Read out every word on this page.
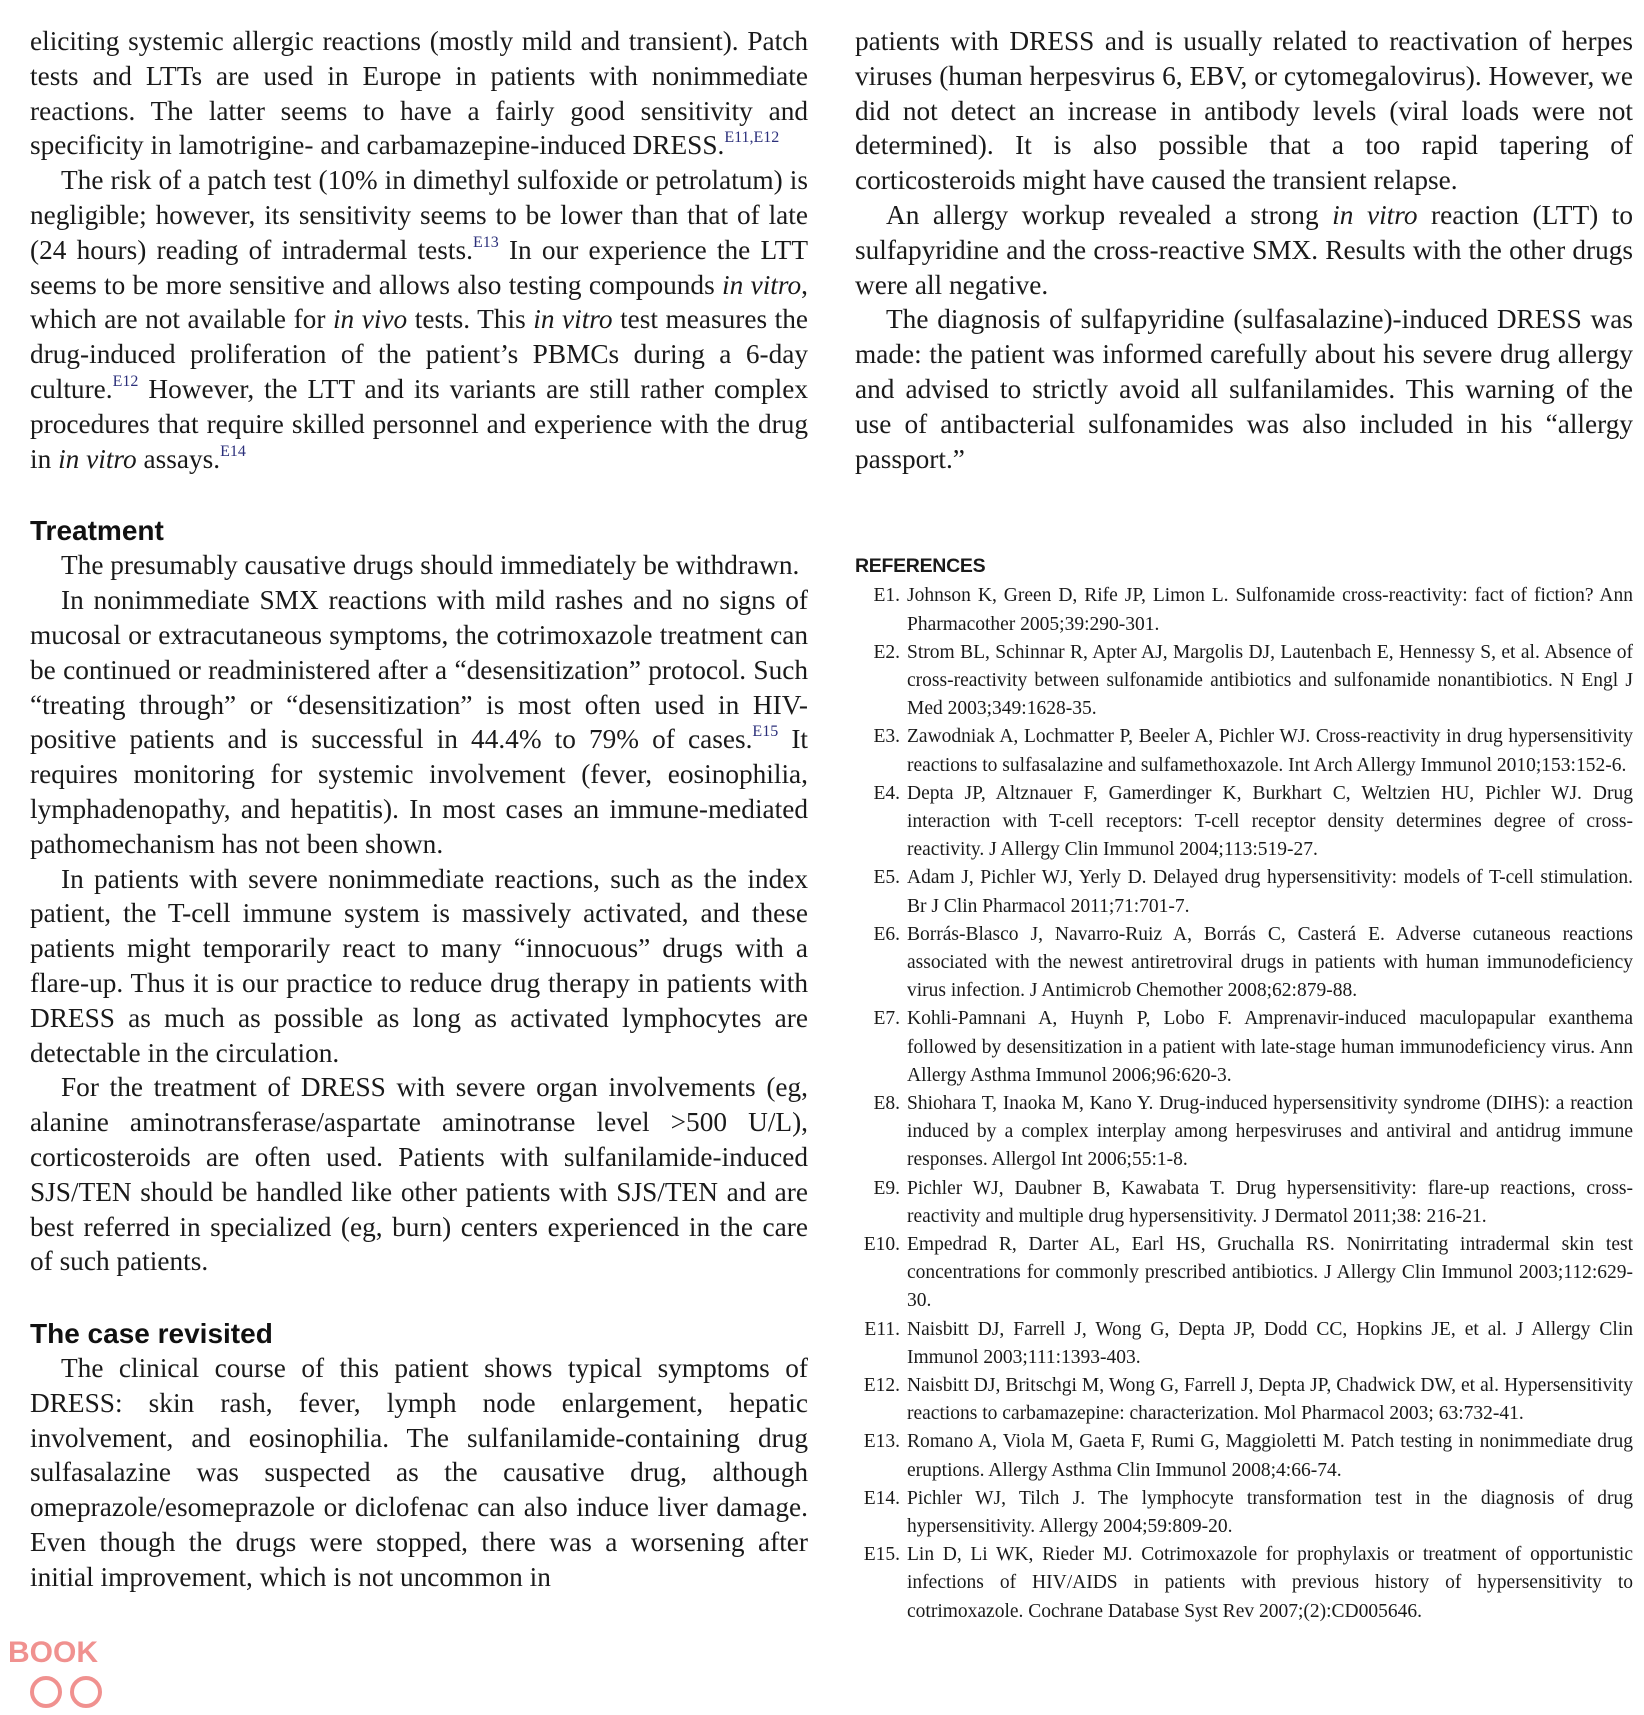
eliciting systemic allergic reactions (mostly mild and transient). Patch tests and LTTs are used in Europe in patients with nonimmediate reactions. The latter seems to have a fairly good sensitivity and specificity in lamotrigine- and carbamazepine-induced DRESS.$^{E11,E12}$

The risk of a patch test (10% in dimethyl sulfoxide or petrolatum) is negligible; however, its sensitivity seems to be lower than that of late (24 hours) reading of intradermal tests.$^{E13}$ In our experience the LTT seems to be more sensitive and allows also testing compounds in vitro, which are not available for in vivo tests. This in vitro test measures the drug-induced proliferation of the patient’s PBMCs during a 6-day culture.$^{E12}$ However, the LTT and its variants are still rather complex procedures that require skilled personnel and experience with the drug in in vitro assays.$^{E14}$

Treatment

The presumably causative drugs should immediately be withdrawn.

In nonimmediate SMX reactions with mild rashes and no signs of mucosal or extracutaneous symptoms, the cotrimoxazole treatment can be continued or readministered after a “desensitization” protocol. Such “treating through” or “desensitization” is most often used in HIV-positive patients and is successful in 44.4% to 79% of cases.$^{E15}$ It requires monitoring for systemic involvement (fever, eosinophilia, lymphadenopathy, and hepatitis). In most cases an immune-mediated pathomechanism has not been shown.

In patients with severe nonimmediate reactions, such as the index patient, the T-cell immune system is massively activated, and these patients might temporarily react to many “innocuous” drugs with a flare-up. Thus it is our practice to reduce drug therapy in patients with DRESS as much as possible as long as activated lymphocytes are detectable in the circulation.

For the treatment of DRESS with severe organ involvements (eg, alanine aminotransferase/aspartate aminotranse level >500 U/L), corticosteroids are often used. Patients with sulfanilamide-induced SJS/TEN should be handled like other patients with SJS/TEN and are best referred in specialized (eg, burn) centers experienced in the care of such patients.

The case revisited

The clinical course of this patient shows typical symptoms of DRESS: skin rash, fever, lymph node enlargement, hepatic involvement, and eosinophilia. The sulfanilamide-containing drug sulfasalazine was suspected as the causative drug, although omeprazole/esomeprazole or diclofenac can also induce liver damage. Even though the drugs were stopped, there was a worsening after initial improvement, which is not uncommon in

patients with DRESS and is usually related to reactivation of herpes viruses (human herpesvirus 6, EBV, or cytomegalovirus). However, we did not detect an increase in antibody levels (viral loads were not determined). It is also possible that a too rapid tapering of corticosteroids might have caused the transient relapse.

An allergy workup revealed a strong in vitro reaction (LTT) to sulfapyridine and the cross-reactive SMX. Results with the other drugs were all negative.

The diagnosis of sulfapyridine (sulfasalazine)-induced DRESS was made: the patient was informed carefully about his severe drug allergy and advised to strictly avoid all sulfanilamides. This warning of the use of antibacterial sulfonamides was also included in his “allergy passport.”

REFERENCES
E1. Johnson K, Green D, Rife JP, Limon L. Sulfonamide cross-reactivity: fact of fiction? Ann Pharmacother 2005;39:290-301.
E2. Strom BL, Schinnar R, Apter AJ, Margolis DJ, Lautenbach E, Hennessy S, et al. Absence of cross-reactivity between sulfonamide antibiotics and sulfonamide nonantibiotics. N Engl J Med 2003;349:1628-35.
E3. Zawodniak A, Lochmatter P, Beeler A, Pichler WJ. Cross-reactivity in drug hypersensitivity reactions to sulfasalazine and sulfamethoxazole. Int Arch Allergy Immunol 2010;153:152-6.
E4. Depta JP, Altznauer F, Gamerdinger K, Burkhart C, Weltzien HU, Pichler WJ. Drug interaction with T-cell receptors: T-cell receptor density determines degree of cross-reactivity. J Allergy Clin Immunol 2004;113:519-27.
E5. Adam J, Pichler WJ, Yerly D. Delayed drug hypersensitivity: models of T-cell stimulation. Br J Clin Pharmacol 2011;71:701-7.
E6. Borrás-Blasco J, Navarro-Ruiz A, Borrás C, Casterá E. Adverse cutaneous reactions associated with the newest antiretroviral drugs in patients with human immunodeficiency virus infection. J Antimicrob Chemother 2008;62:879-88.
E7. Kohli-Pamnani A, Huynh P, Lobo F. Amprenavir-induced maculopapular exanthema followed by desensitization in a patient with late-stage human immunodeficiency virus. Ann Allergy Asthma Immunol 2006;96:620-3.
E8. Shiohara T, Inaoka M, Kano Y. Drug-induced hypersensitivity syndrome (DIHS): a reaction induced by a complex interplay among herpesviruses and antiviral and antidrug immune responses. Allergol Int 2006;55:1-8.
E9. Pichler WJ, Daubner B, Kawabata T. Drug hypersensitivity: flare-up reactions, cross-reactivity and multiple drug hypersensitivity. J Dermatol 2011;38: 216-21.
E10. Empedrad R, Darter AL, Earl HS, Gruchalla RS. Nonirritating intradermal skin test concentrations for commonly prescribed antibiotics. J Allergy Clin Immunol 2003;112:629-30.
E11. Naisbitt DJ, Farrell J, Wong G, Depta JP, Dodd CC, Hopkins JE, et al. J Allergy Clin Immunol 2003;111:1393-403.
E12. Naisbitt DJ, Britschgi M, Wong G, Farrell J, Depta JP, Chadwick DW, et al. Hypersensitivity reactions to carbamazepine: characterization. Mol Pharmacol 2003; 63:732-41.
E13. Romano A, Viola M, Gaeta F, Rumi G, Maggioletti M. Patch testing in nonimmediate drug eruptions. Allergy Asthma Clin Immunol 2008;4:66-74.
E14. Pichler WJ, Tilch J. The lymphocyte transformation test in the diagnosis of drug hypersensitivity. Allergy 2004;59:809-20.
E15. Lin D, Li WK, Rieder MJ. Cotrimoxazole for prophylaxis or treatment of opportunistic infections of HIV/AIDS in patients with previous history of hypersensitivity to cotrimoxazole. Cochrane Database Syst Rev 2007;(2):CD005646.
BOOK
